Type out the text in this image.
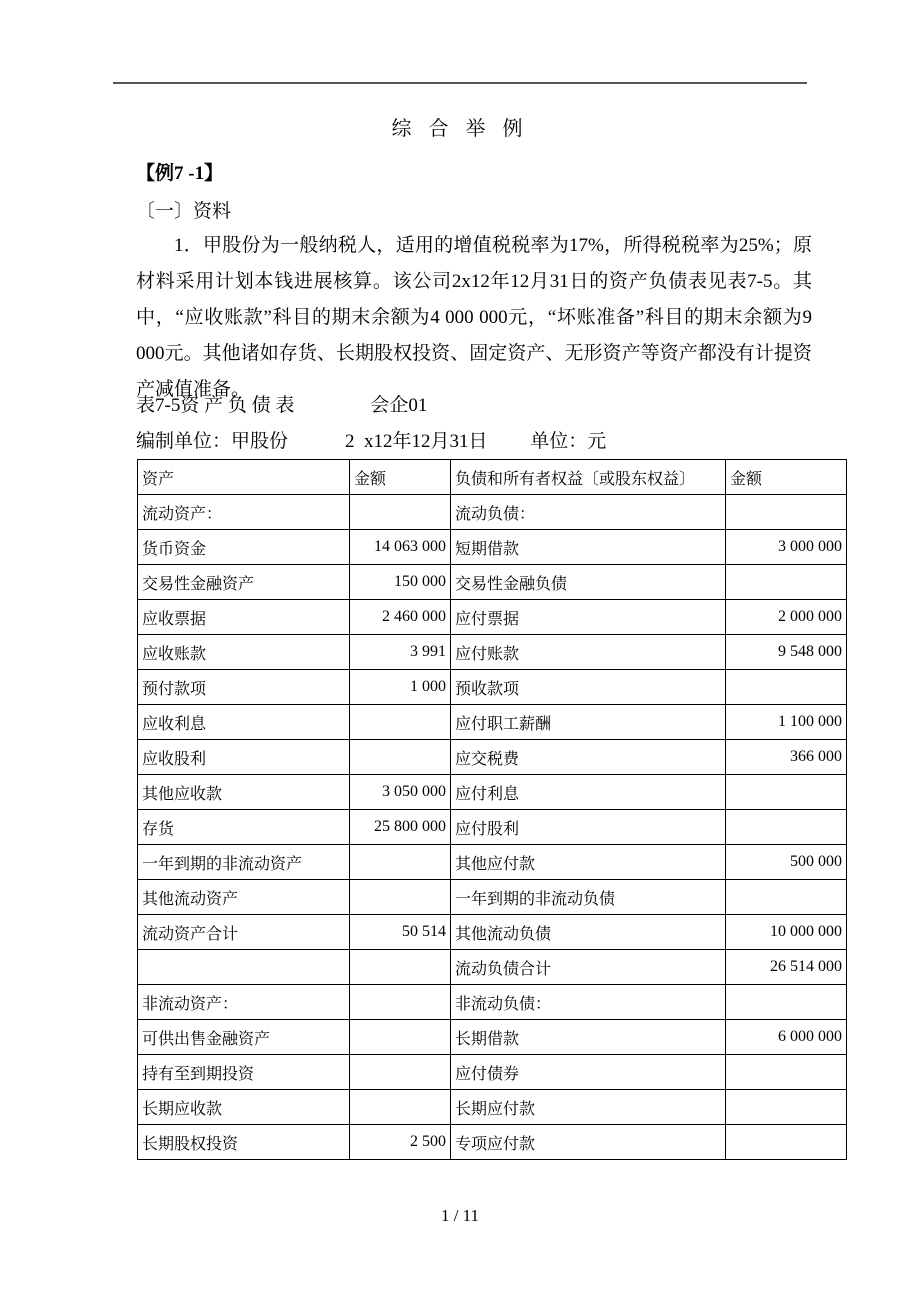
综 合 举 例
【例7 -1】
〔一〕资料
1．甲股份为一般纳税人，适用的增值税税率为17%，所得税税率为25%；原材料采用计划本钱进展核算。该公司2x12年12月31日的资产负债表见表7-5。其中，“应收账款”科目的期末余额为4 000 000元，“坏账准备”科目的期末余额为9 000元。其他诸如存货、长期股权投资、固定资产、无形资产等资产都没有计提资产减值准备。
表7-5资 产 负 债 表	会企01
编制单位：甲股份	2  x12年12月31日 单位：元
资产	金额	负债和所有者权益〔或股东权益〕	金额
流动资产：		流动负债：	
货币资金	14 063 000	短期借款	3 000 000
交易性金融资产	150 000	交易性金融负债	
应收票据	2 460 000	应付票据	2 000 000
应收账款	3 991	应付账款	9 548 000
预付款项	1 000	预收款项	
应收利息		应付职工薪酬	1 100 000
应收股利		应交税费	366 000
其他应收款	3 050 000	应付利息	
存货	25 800 000	应付股利	
一年到期的非流动资产		其他应付款	500 000
其他流动资产		一年到期的非流动负债	
流动资产合计	50 514	其他流动负债	10 000 000
		流动负债合计	26 514 000
非流动资产：		非流动负债：	
可供出售金融资产		长期借款	6 000 000
持有至到期投资		应付债券	
长期应收款		长期应付款	
长期股权投资	2 500	专项应付款	
1 / 11
